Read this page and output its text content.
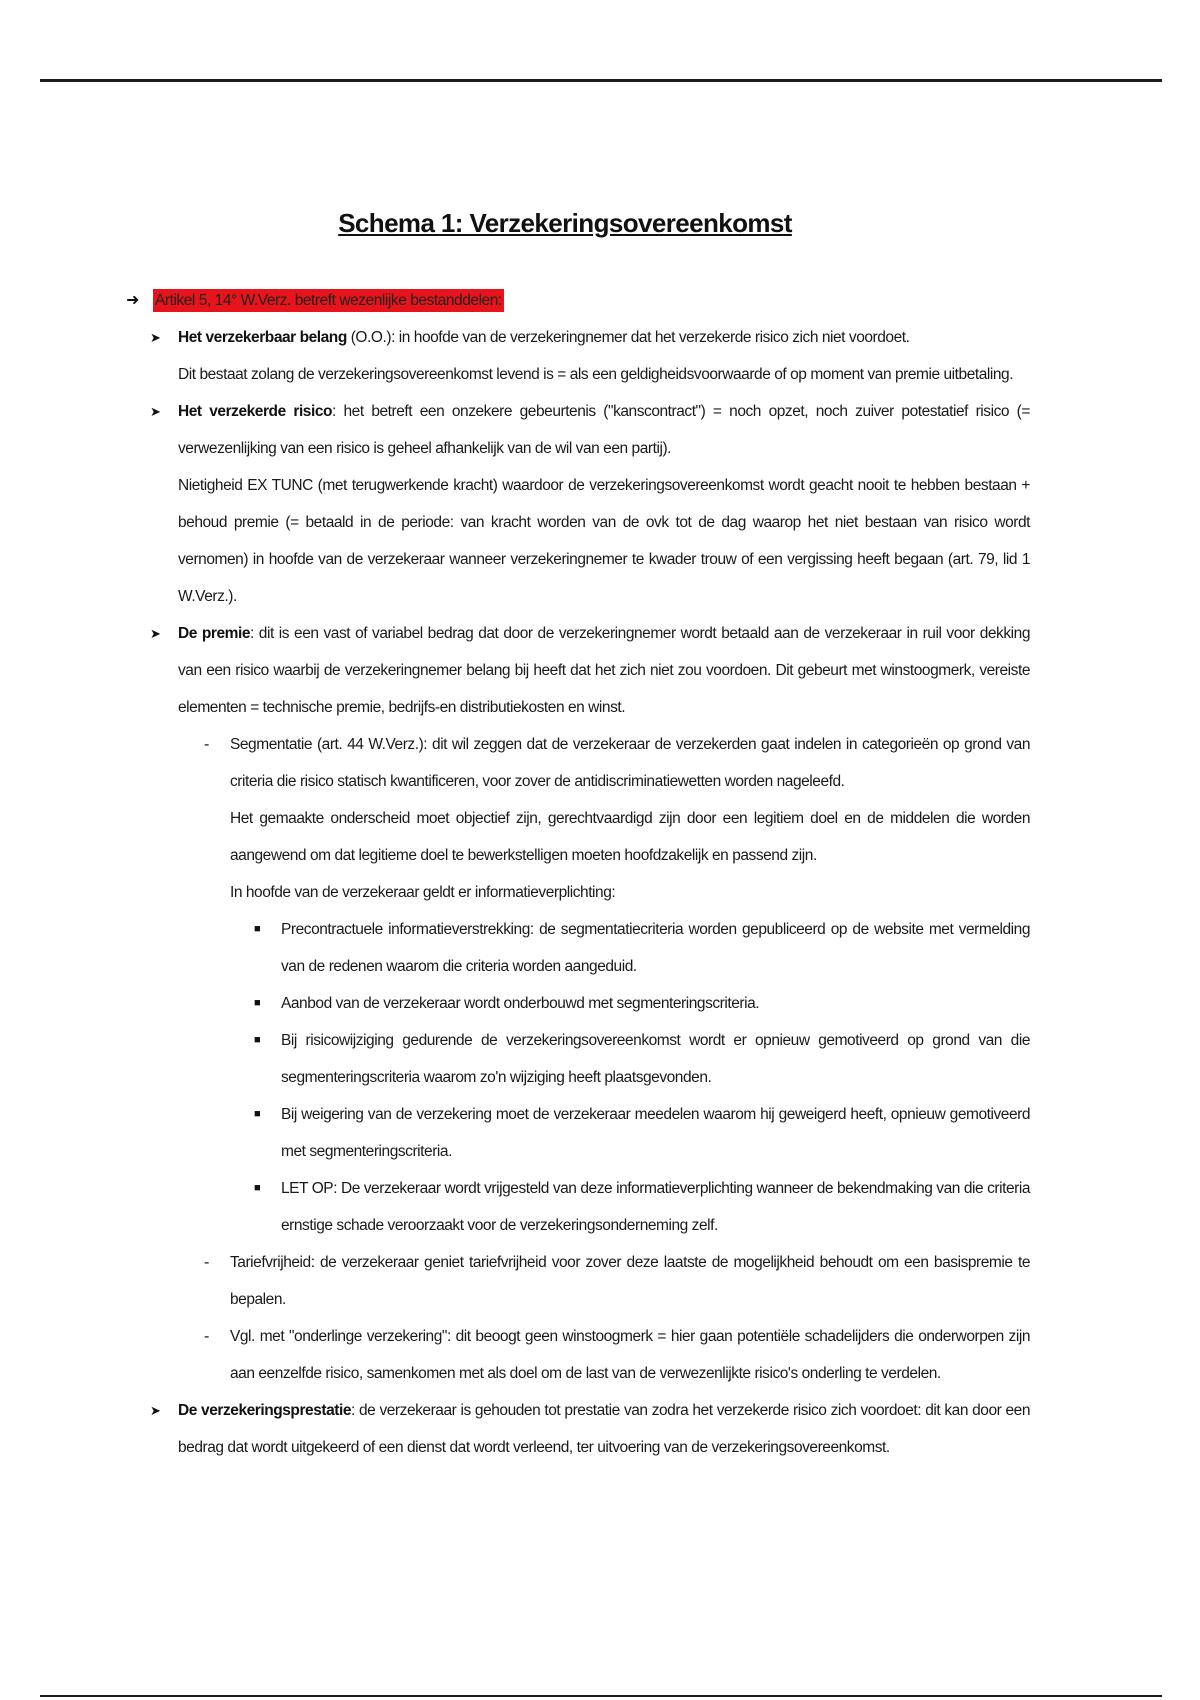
Schema 1: Verzekeringsovereenkomst
➜ Artikel 5, 14° W.Verz. betreft wezenlijke bestanddelen:
➤ Het verzekerbaar belang (O.O.): in hoofde van de verzekeringnemer dat het verzekerde risico zich niet voordoet.
Dit bestaat zolang de verzekeringsovereenkomst levend is = als een geldigheidsvoorwaarde of op moment van premie uitbetaling.
➤ Het verzekerde risico: het betreft een onzekere gebeurtenis ("kanscontract") = noch opzet, noch zuiver potestatief risico (= verwezenlijking van een risico is geheel afhankelijk van de wil van een partij).
Nietigheid EX TUNC (met terugwerkende kracht) waardoor de verzekeringsovereenkomst wordt geacht nooit te hebben bestaan + behoud premie (= betaald in de periode: van kracht worden van de ovk tot de dag waarop het niet bestaan van risico wordt vernomen) in hoofde van de verzekeraar wanneer verzekeringnemer te kwader trouw of een vergissing heeft begaan (art. 79, lid 1 W.Verz.).
➤ De premie: dit is een vast of variabel bedrag dat door de verzekeringnemer wordt betaald aan de verzekeraar in ruil voor dekking van een risico waarbij de verzekeringnemer belang bij heeft dat het zich niet zou voordoen. Dit gebeurt met winstoogmerk, vereiste elementen = technische premie, bedrijfs-en distributiekosten en winst.
- Segmentatie (art. 44 W.Verz.): dit wil zeggen dat de verzekeraar de verzekerden gaat indelen in categorieën op grond van criteria die risico statisch kwantificeren, voor zover de antidiscriminatiewetten worden nageleefd.
Het gemaakte onderscheid moet objectief zijn, gerechtvaardigd zijn door een legitiem doel en de middelen die worden aangewend om dat legitieme doel te bewerkstelligen moeten hoofdzakelijk en passend zijn.
In hoofde van de verzekeraar geldt er informatieverplichting:
■ Precontractuele informatieverstrekking: de segmentatiecriteria worden gepubliceerd op de website met vermelding van de redenen waarom die criteria worden aangeduid.
■ Aanbod van de verzekeraar wordt onderbouwd met segmenteringscriteria.
■ Bij risicowijziging gedurende de verzekeringsovereenkomst wordt er opnieuw gemotiveerd op grond van die segmenteringscriteria waarom zo'n wijziging heeft plaatsgevonden.
■ Bij weigering van de verzekering moet de verzekeraar meedelen waarom hij geweigerd heeft, opnieuw gemotiveerd met segmenteringscriteria.
■ LET OP: De verzekeraar wordt vrijgesteld van deze informatieverplichting wanneer de bekendmaking van die criteria ernstige schade veroorzaakt voor de verzekeringsonderneming zelf.
- Tariefvrijheid: de verzekeraar geniet tariefvrijheid voor zover deze laatste de mogelijkheid behoudt om een basispremie te bepalen.
- Vgl. met "onderlinge verzekering": dit beoogt geen winstoogmerk = hier gaan potentiële schadelijders die onderworpen zijn aan eenzelfde risico, samenkomen met als doel om de last van de verwezenlijkte risico's onderling te verdelen.
➤ De verzekeringsprestatie: de verzekeraar is gehouden tot prestatie van zodra het verzekerde risico zich voordoet: dit kan door een bedrag dat wordt uitgekeerd of een dienst dat wordt verleend, ter uitvoering van de verzekeringsovereenkomst.
